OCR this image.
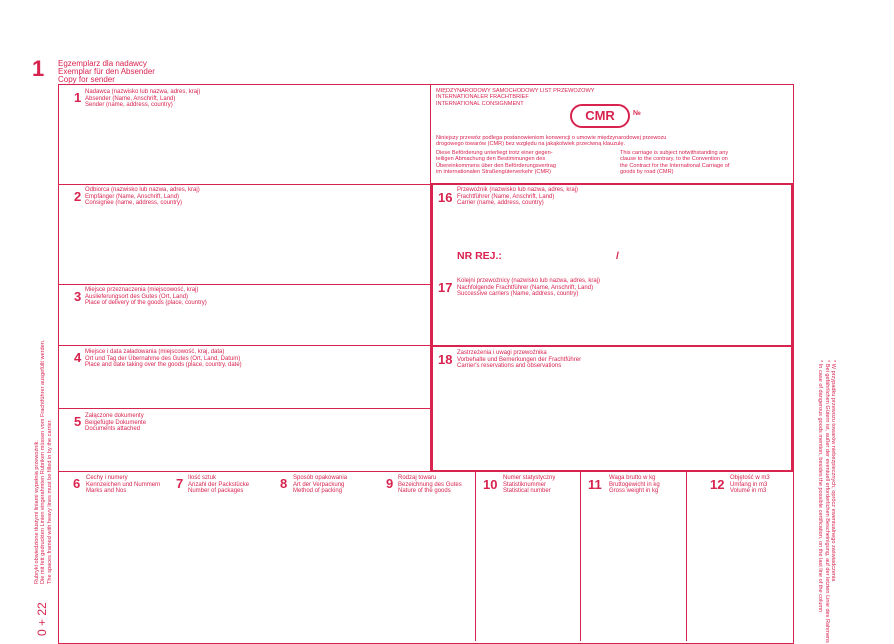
1 Egzemplarz dla nadawcy
Exemplar für den Absender
Copy for sender
MIĘDZYNARODOWY SAMOCHODOWY LIST PRZEWOZOWY
INTERNATIONALER FRACHTBRIEF
INTERNATIONAL CONSIGNMENT
CMR	№
Niniejszy przewóz podlega postanowieniom konwencji o umowie międzynarodowej przewozu
drogowego towarów (CMR) bez względu na jakąkolwiek przeciwną klauzulę.
Diese Beförderung unterliegt trotz einer gegen-
teiligen Abmachung den Bestimmungen des
Übereinkommens über den Beförderungsvertrag
im internationalen Straßengüterverkehr (CMR)
This carriage is subject notwithstanding any
clause to the contrary, to the Convention on
the Contract for the International Carriage of
goods by road (CMR)
1 Nadawca (nazwisko lub nazwa, adres, kraj)
Absender (Name, Anschrift, Land)
Sender (name, address, country)
2 Odbiorca (nazwisko lub nazwa, adres, kraj)
Empfänger (Name, Anschrift, Land)
Consignee (name, address, country)
3 Miejsce przeznaczenia (miejscowość, kraj)
Auslieferungsort des Gutes (Ort, Land)
Place of delivery of the goods (place, country)
4 Miejsce i data załadowania (miejscowość, kraj, data)
Ort und Tag der Übernahme des Gutes (Ort, Land, Datum)
Place and date taking over the goods (place, country, date)
5 Załączone dokumenty
Beigefügte Dokumente
Documents attached
16 Przewoźnik (nazwisko lub nazwa, adres, kraj)
Frachtführer (Name, Anschrift, Land)
Carrier (name, address, country)
NR REJ.:	/
17 Kolejni przewoźnicy (nazwisko lub nazwa, adres, kraj)
Nachfolgende Frachtführer (Name, Anschrift, Land)
Successive carriers (Name, address, country)
18 Zastrzeżenia i uwagi przewoźnika
Vorbehalte und Bemerkungen der Frachtführer
Carrier's reservations and observations
6 Cechy i numery
Kennzeichen und Nummern
Marks and Nos
7 Ilość sztuk
Anzahl der Packstücke
Number of packages
8 Sposób opakowania
Art der Verpackung
Method of packing
9 Rodzaj towaru
Bezeichnung des Gutes
Nature of the goods	10 Numer statystyczny
Statistiknummer
Statistical number	11 Waga brutto w kg
Bruttogewicht in kg
Gross weight in kg	12 Objętość w m3
Umfang in m3
Volume in m3
Rubryki obwiedzione tłustymi liniami wypełnia przewoźnik. Die mit fett gedruckten Linien eingerahmten Rubriken müssen vom Frachtführer ausgefüllt werden. The spaces framed with heavy lines must be filled in by the carrier.
0 + 22
* W przypadku przewozu towarów niebezpiecznych, oprócz ewentualnego zaświadczenia
* Bei gefährlichen Gütern ist, außer der eventuell erforderlichen Bescheinigung, auf der letzten Linie des Rahmens
* In case of dangerous goods mention, besides the possible certification, on the last line of the column
